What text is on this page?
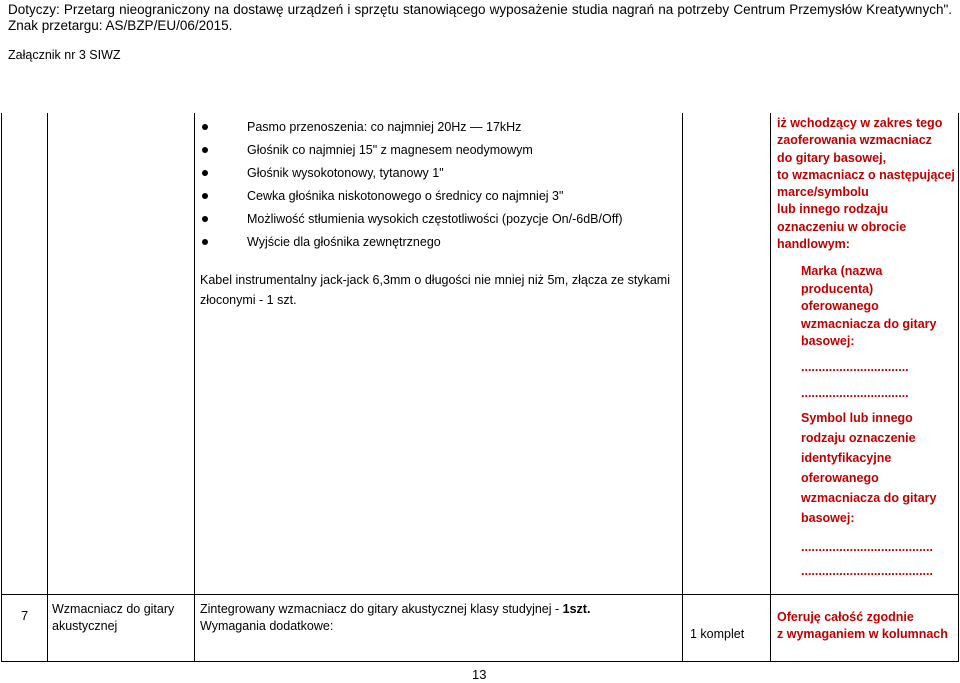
Dotyczy: Przetarg nieograniczony na dostawę urządzeń i sprzętu stanowiącego wyposażenie studia nagrań na potrzeby Centrum Przemysłów Kreatywnych".
Znak przetargu: AS/BZP/EU/06/2015.
Załącznik nr 3 SIWZ
Pasmo przenoszenia: co najmniej 20Hz — 17kHz
Głośnik co najmniej 15" z magnesem neodymowym
Głośnik wysokotonowy, tytanowy 1"
Cewka głośnika niskotonowego o średnicy co najmniej 3"
Możliwość stłumienia wysokich częstotliwości (pozycje On/-6dB/Off)
Wyjście dla głośnika zewnętrznego
Kabel instrumentalny jack-jack 6,3mm o długości nie mniej niż 5m, złącza ze stykami złoconymi - 1 szt.
iż wchodzący w zakres tego
zaoferowania wzmacniacz
do gitary basowej,
to wzmacniacz o następującej
marce/symbolu
lub innego rodzaju
oznaczeniu w obrocie
handlowym:
Marka (nazwa
producenta)
oferowanego
wzmacniacza do gitary
basowej:
...............................
...............................
Symbol lub innego
rodzaju oznaczenie
identyfikacyjne
oferowanego
wzmacniacza do gitary
basowej:
......................................
......................................
7 Wzmacniacz do gitary akustycznej
Zintegrowany wzmacniacz do gitary akustycznej klasy studyjnej - 1szt.
Wymagania dodatkowe:
1 komplet
Oferuję całość zgodnie
z wymaganiem w kolumnach
13
